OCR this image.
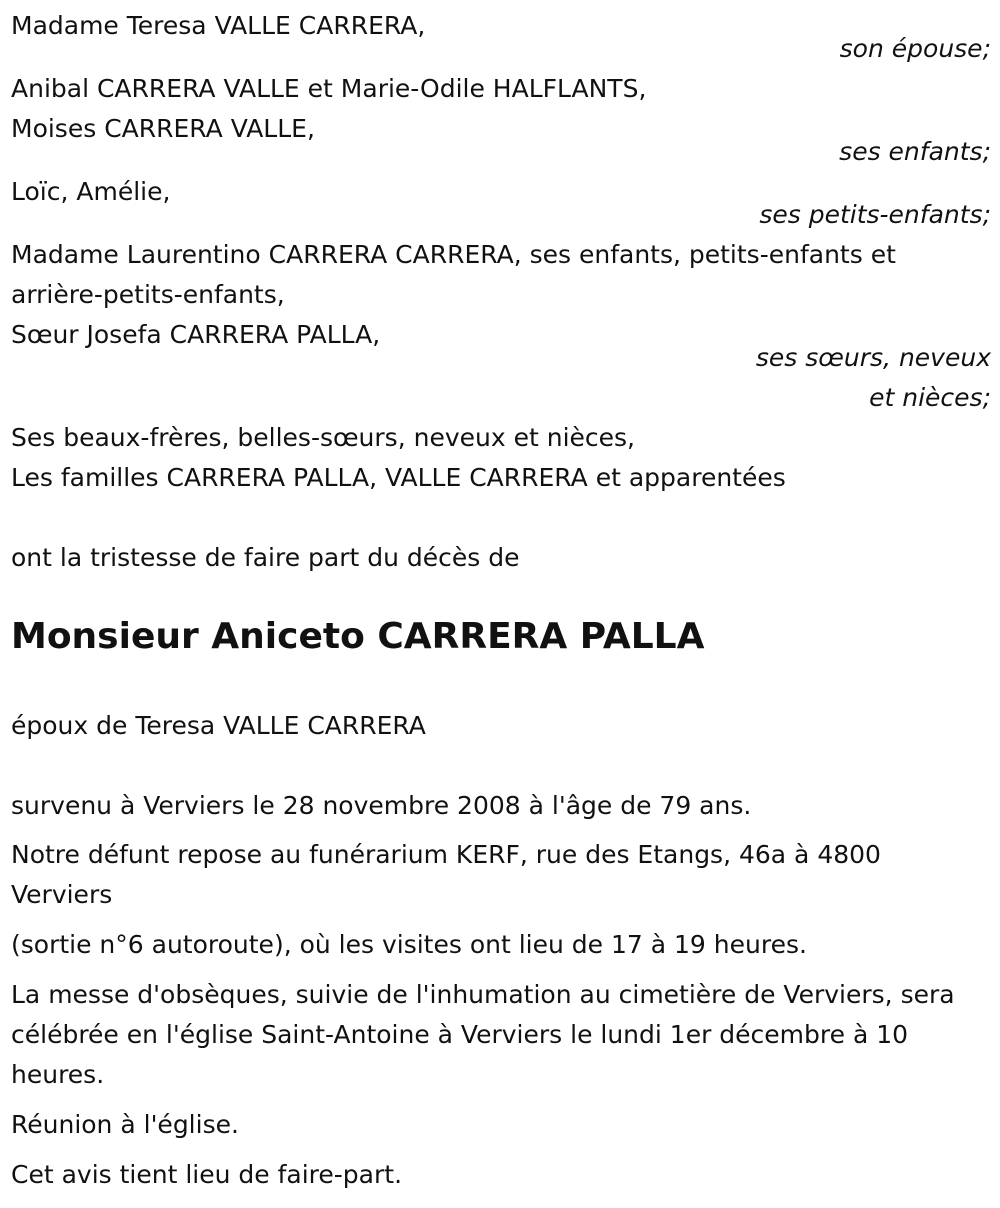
Madame Teresa VALLE CARRERA,
son épouse;
Anibal CARRERA VALLE et Marie-Odile HALFLANTS,
Moises CARRERA VALLE,
ses enfants;
Loïc, Amélie,
ses petits-enfants;
Madame Laurentino CARRERA CARRERA, ses enfants, petits-enfants et arrière-petits-enfants,
Sœur Josefa CARRERA PALLA,
ses sœurs, neveux
et nièces;
Ses beaux-frères, belles-sœurs, neveux et nièces,
Les familles CARRERA PALLA, VALLE CARRERA et apparentées
ont la tristesse de faire part du décès de
Monsieur Aniceto CARRERA PALLA
époux de Teresa VALLE CARRERA
survenu à Verviers le 28 novembre 2008 à l'âge de 79 ans.
Notre défunt repose au funérarium KERF, rue des Etangs, 46a à 4800 Verviers
(sortie n°6 autoroute), où les visites ont lieu de 17 à 19 heures.
La messe d'obsèques, suivie de l'inhumation au cimetière de Verviers, sera célébrée en l'église Saint-Antoine à Verviers le lundi 1er décembre à 10 heures.
Réunion à l'église.
Cet avis tient lieu de faire-part.
